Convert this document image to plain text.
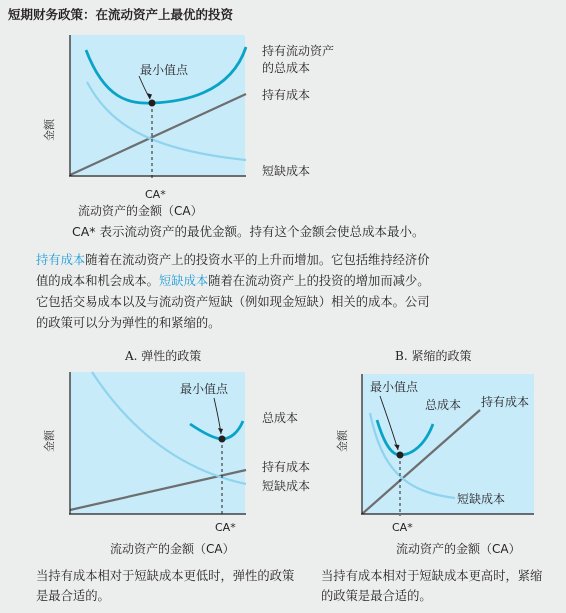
短期财务政策：在流动资产上最优的投资
最小值点
CA*
金额
持有流动资产
的总成本
持有成本
短缺成本
流动资产的金额（CA）
A. 弹性的政策
最小值点
总成本
持有成本
短缺成本
金额
CA*
流动资产的金额（CA）
B. 紧缩的政策
最小值点
总成本 持有成本
短缺成本
金额
CA*
流动资产的金额（CA）
CA* 表示流动资产的最优金额。持有这个金额会使总成本最小。
持有成本随着在流动资产上的投资水平的上升而增加。它包括维持经济价值的成本和机会成本。短缺成本随着在流动资产上的投资的增加而减少。它包括交易成本以及与流动资产短缺（例如现金短缺）相关的成本。公司的政策可以分为弹性的和紧缩的。
当持有成本相对于短缺成本更低时，弹性的政策是最合适的。
当持有成本相对于短缺成本更高时，紧缩的政策是最合适的。
